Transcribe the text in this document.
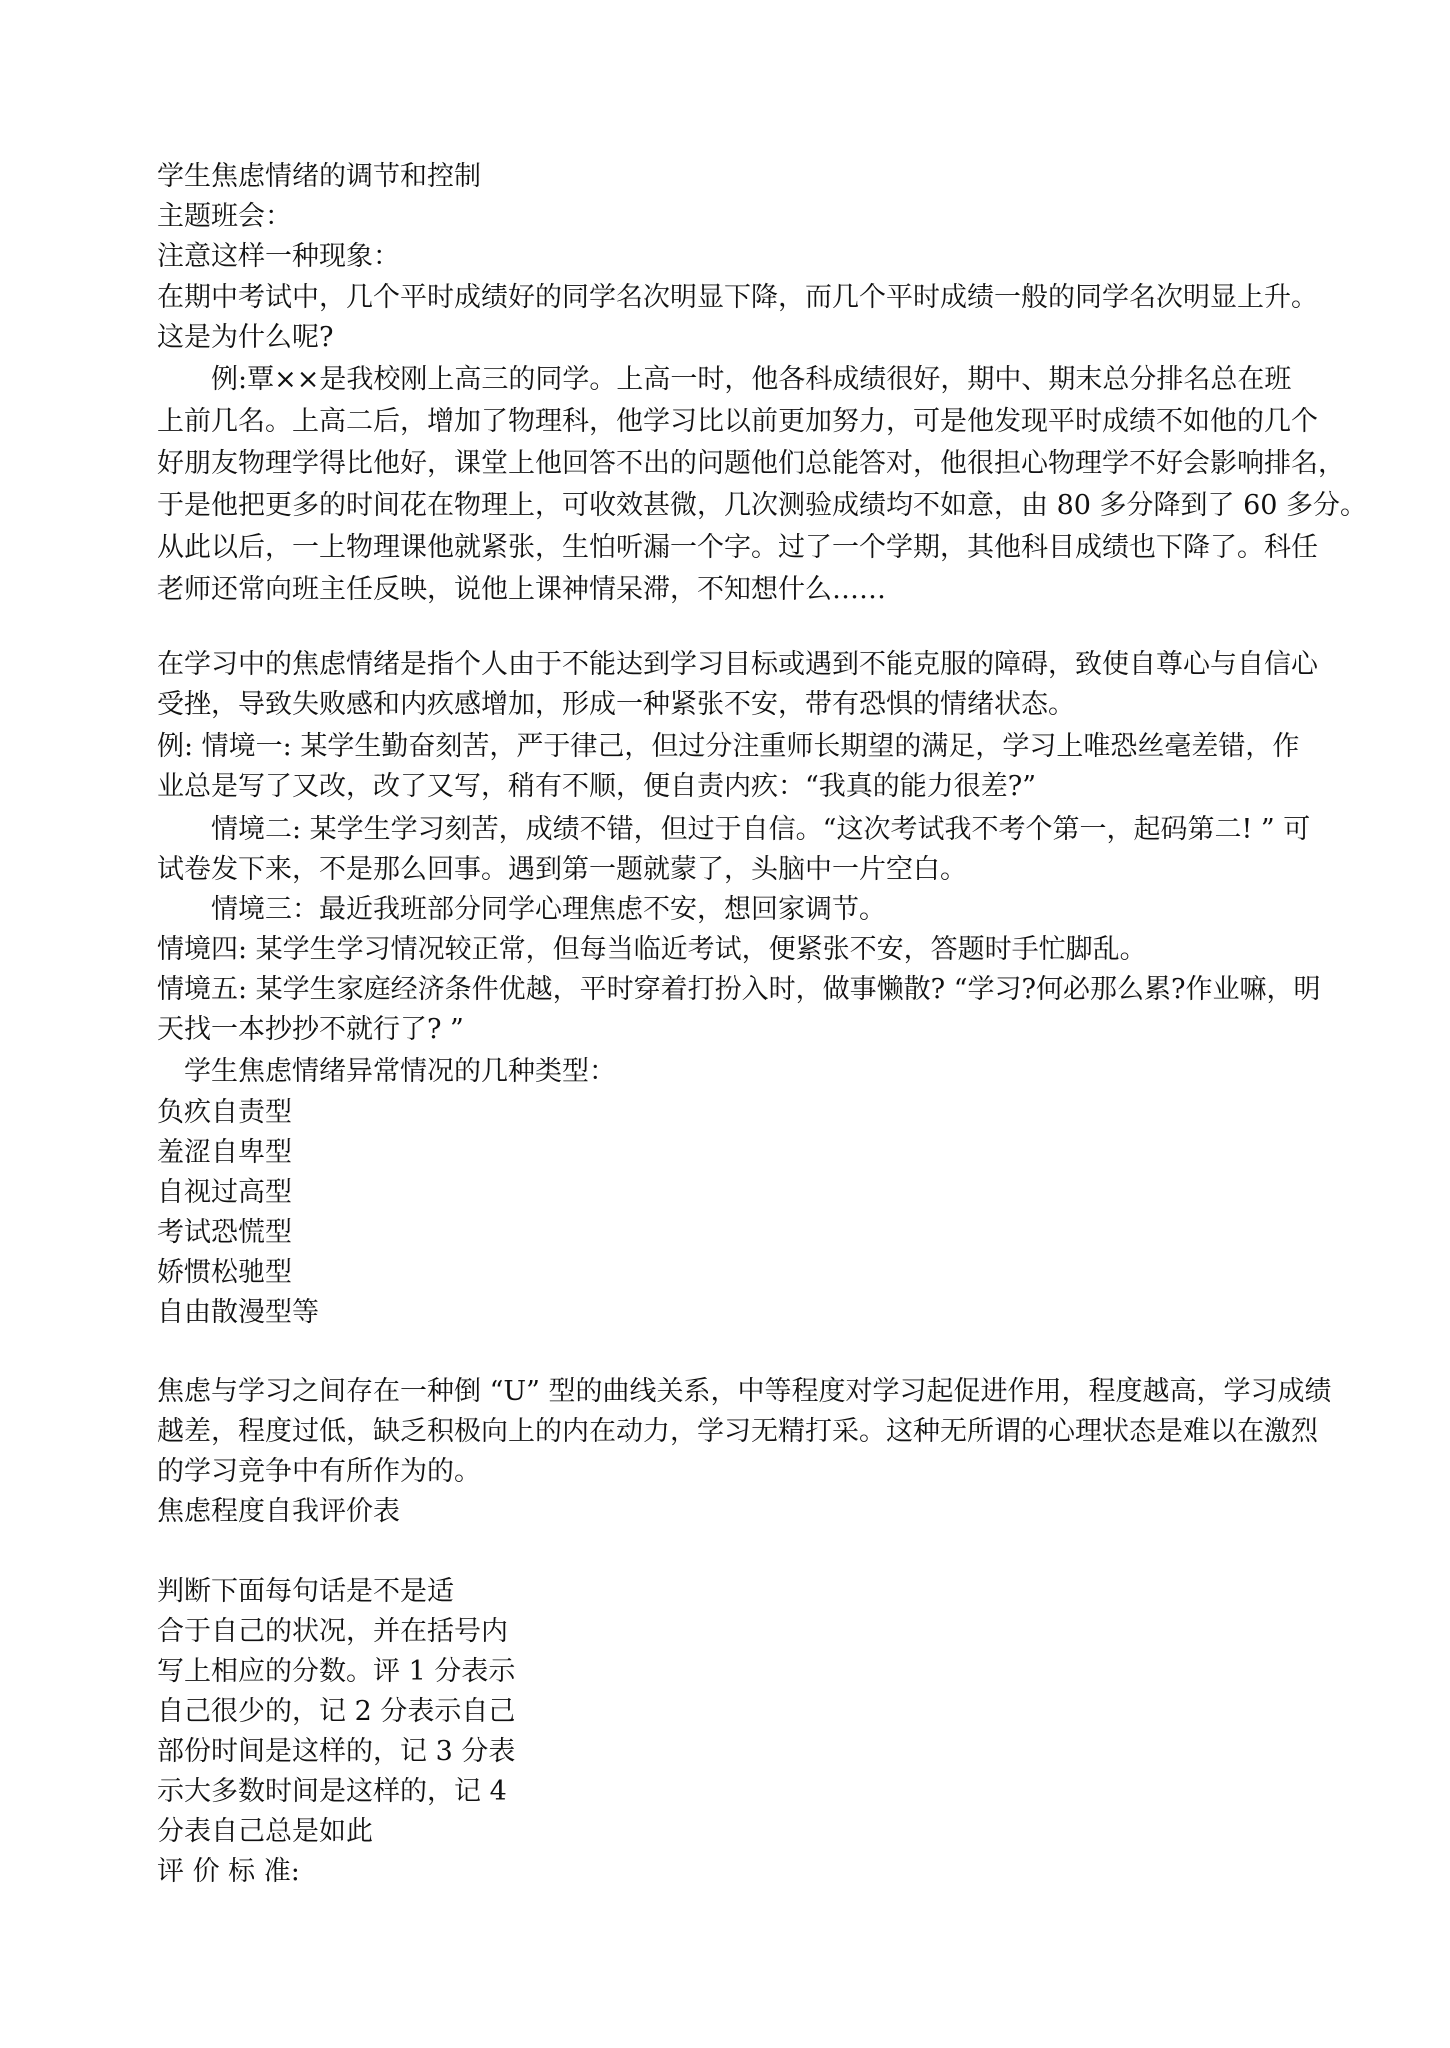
学生焦虑情绪的调节和控制

主题班会：

注意这样一种现象：

在期中考试中，几个平时成绩好的同学名次明显下降，而几个平时成绩一般的同学名次明显上升。

这是为什么呢?

　　例:覃××是我校刚上高三的同学。上高一时，他各科成绩很好，期中、期末总分排名总在班

上前几名。上高二后，增加了物理科，他学习比以前更加努力，可是他发现平时成绩不如他的几个

好朋友物理学得比他好，课堂上他回答不出的问题他们总能答对，他很担心物理学不好会影响排名，

于是他把更多的时间花在物理上，可收效甚微，几次测验成绩均不如意，由 80 多分降到了 60 多分。

从此以后，一上物理课他就紧张，生怕听漏一个字。过了一个学期，其他科目成绩也下降了。科任

老师还常向班主任反映，说他上课神情呆滞，不知想什么……

在学习中的焦虑情绪是指个人由于不能达到学习目标或遇到不能克服的障碍，致使自尊心与自信心

受挫，导致失败感和内疚感增加，形成一种紧张不安，带有恐惧的情绪状态。

例: 情境一: 某学生勤奋刻苦，严于律己，但过分注重师长期望的满足，学习上唯恐丝毫差错，作

业总是写了又改，改了又写，稍有不顺，便自责内疚：“我真的能力很差?”

　　情境二: 某学生学习刻苦，成绩不错，但过于自信。“这次考试我不考个第一，起码第二! ” 可

试卷发下来，不是那么回事。遇到第一题就蒙了，头脑中一片空白。

　　情境三：最近我班部分同学心理焦虑不安，想回家调节。

情境四: 某学生学习情况较正常，但每当临近考试，便紧张不安，答题时手忙脚乱。

情境五: 某学生家庭经济条件优越，平时穿着打扮入时，做事懒散? “学习?何必那么累?作业嘛，明

天找一本抄抄不就行了? ”

　学生焦虑情绪异常情况的几种类型：

负疚自责型

羞涩自卑型

自视过高型

考试恐慌型

娇惯松驰型

自由散漫型等

焦虑与学习之间存在一种倒 “U” 型的曲线关系，中等程度对学习起促进作用，程度越高，学习成绩

越差，程度过低，缺乏积极向上的内在动力，学习无精打采。这种无所谓的心理状态是难以在激烈

的学习竞争中有所作为的。

焦虑程度自我评价表

判断下面每句话是不是适

合于自己的状况，并在括号内

写上相应的分数。评 1 分表示

自己很少的，记 2 分表示自己

部份时间是这样的，记 3 分表

示大多数时间是这样的，记 4

分表自己总是如此

评 价 标 准:
